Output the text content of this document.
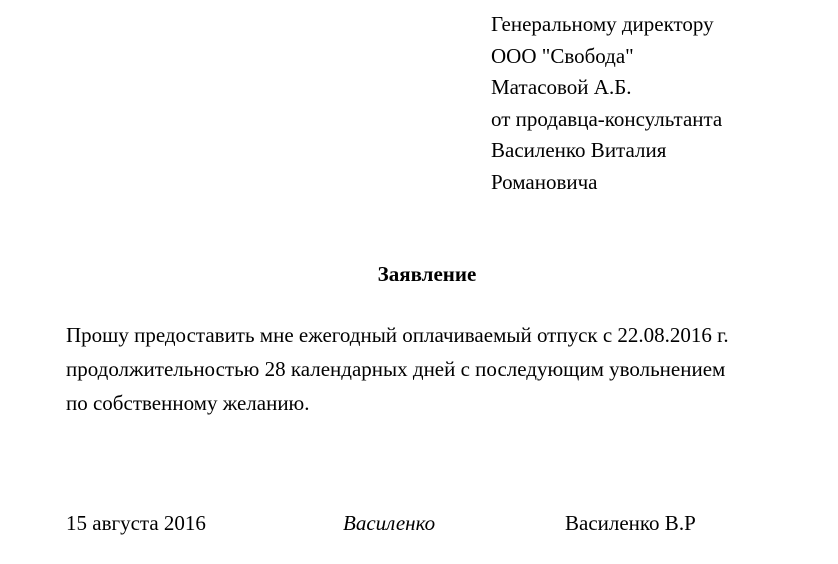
Генеральному директору
ООО "Свобода"
Матасовой А.Б.
от продавца-консультанта
Василенко Виталия
Романовича
Заявление
Прошу предоставить мне ежегодный оплачиваемый отпуск с 22.08.2016 г.
продолжительностью 28 календарных дней с последующим увольнением
по собственному желанию.
15 августа 2016	Василенко	Василенко В.Р
